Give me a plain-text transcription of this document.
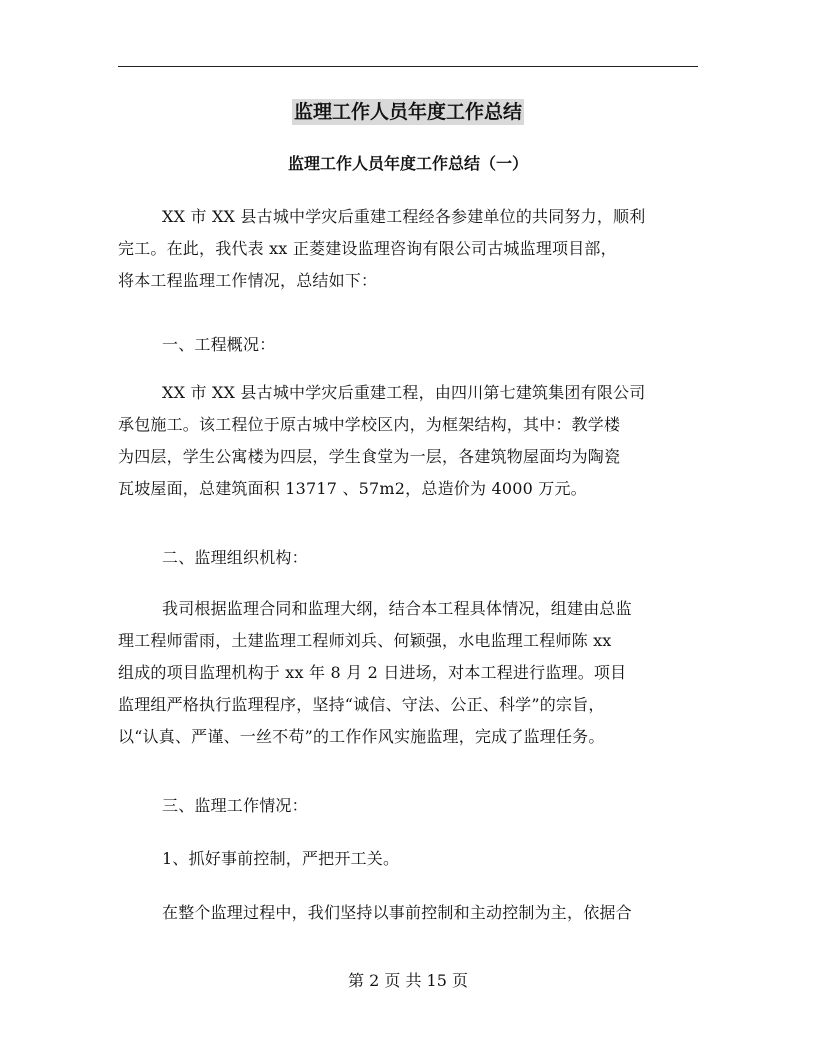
监理工作人员年度工作总结
监理工作人员年度工作总结（一）
XX 市 XX 县古城中学灾后重建工程经各参建单位的共同努力，顺利
完工。在此，我代表 xx 正菱建设监理咨询有限公司古城监理项目部，
将本工程监理工作情况，总结如下：
一、工程概况：
XX 市 XX 县古城中学灾后重建工程，由四川第七建筑集团有限公司
承包施工。该工程位于原古城中学校区内，为框架结构，其中：教学楼
为四层，学生公寓楼为四层，学生食堂为一层，各建筑物屋面均为陶瓷
瓦坡屋面，总建筑面积 13717 、57m2，总造价为 4000 万元。
二、监理组织机构：
我司根据监理合同和监理大纲，结合本工程具体情况，组建由总监
理工程师雷雨，土建监理工程师刘兵、何颖强，水电监理工程师陈 xx
组成的项目监理机构于 xx 年 8 月 2 日进场，对本工程进行监理。项目
监理组严格执行监理程序，坚持“诚信、守法、公正、科学”的宗旨，
以“认真、严谨、一丝不苟”的工作作风实施监理，完成了监理任务。
三、监理工作情况：
1、抓好事前控制，严把开工关。
在整个监理过程中，我们坚持以事前控制和主动控制为主，依据合
第 2 页 共 15 页
